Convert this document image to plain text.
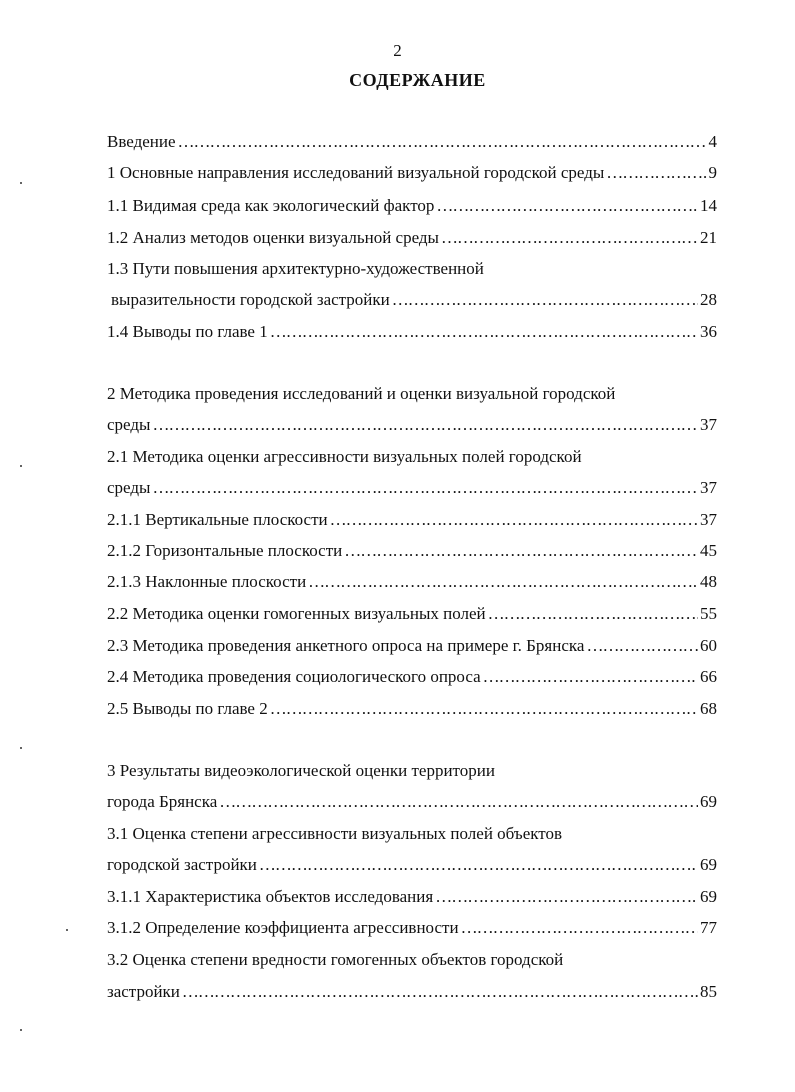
2
СОДЕРЖАНИЕ
Введение ………………………………………………………………………………………………………………………………………………………………	4
1 Основные направления исследований визуальной городской среды ………………………………………………………………………………………………………………………………………………………………	9
1.1 Видимая среда как экологический фактор ………………………………………………………………………………………………………………………………………………………………	14
1.2 Анализ методов оценки визуальной среды ………………………………………………………………………………………………………………………………………………………………	21
1.3 Пути повышения архитектурно-художественной
выразительности городской застройки ………………………………………………………………………………………………………………………………………………………………	28
1.4 Выводы по главе 1 ………………………………………………………………………………………………………………………………………………………………	36
2 Методика проведения исследований и оценки визуальной городской
среды ………………………………………………………………………………………………………………………………………………………………	37
2.1 Методика оценки агрессивности визуальных полей городской
среды ………………………………………………………………………………………………………………………………………………………………	37
2.1.1 Вертикальные плоскости ………………………………………………………………………………………………………………………………………………………………	37
2.1.2 Горизонтальные плоскости ………………………………………………………………………………………………………………………………………………………………	45
2.1.3 Наклонные плоскости ………………………………………………………………………………………………………………………………………………………………	48
2.2 Методика оценки гомогенных визуальных полей ………………………………………………………………………………………………………………………………………………………………	55
2.3 Методика проведения анкетного опроса на примере г. Брянска ………………………………………………………………………………………………………………………………………………………………	60
2.4 Методика проведения социологического опроса ………………………………………………………………………………………………………………………………………………………………	66
2.5 Выводы по главе 2 ………………………………………………………………………………………………………………………………………………………………	68
3 Результаты видеоэкологической оценки территории
города Брянска ………………………………………………………………………………………………………………………………………………………………	69
3.1 Оценка степени агрессивности визуальных полей объектов
городской застройки ………………………………………………………………………………………………………………………………………………………………	69
3.1.1 Характеристика объектов исследования ………………………………………………………………………………………………………………………………………………………………	69
3.1.2 Определение коэффициента агрессивности ………………………………………………………………………………………………………………………………………………………………	77
3.2 Оценка степени вредности гомогенных объектов городской
застройки ………………………………………………………………………………………………………………………………………………………………	85
